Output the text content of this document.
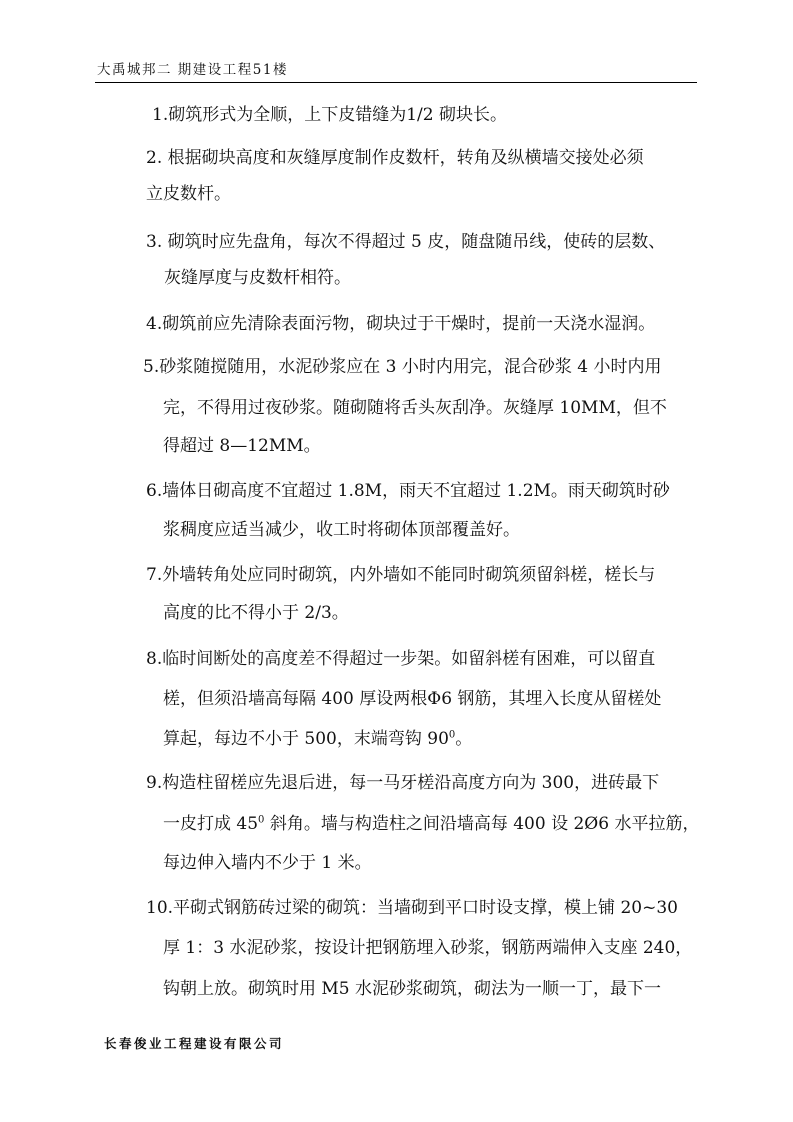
大禹城邦二 期建设工程51楼
1.砌筑形式为全顺，上下皮错缝为1/2 砌块长。
2. 根据砌块高度和灰缝厚度制作皮数杆，转角及纵横墙交接处必须
立皮数杆。
3. 砌筑时应先盘角，每次不得超过 5 皮，随盘随吊线，使砖的层数、
灰缝厚度与皮数杆相符。
4.砌筑前应先清除表面污物，砌块过于干燥时，提前一天浇水湿润。
5.砂浆随搅随用，水泥砂浆应在 3 小时内用完，混合砂浆 4 小时内用
完，不得用过夜砂浆。随砌随将舌头灰刮净。灰缝厚 10MM，但不
得超过 8—12MM。
6.墙体日砌高度不宜超过 1.8M，雨天不宜超过 1.2M。雨天砌筑时砂
浆稠度应适当减少，收工时将砌体顶部覆盖好。
7.外墙转角处应同时砌筑，内外墙如不能同时砌筑须留斜槎，槎长与
高度的比不得小于 2/3。
8.临时间断处的高度差不得超过一步架。如留斜槎有困难，可以留直
槎，但须沿墙高每隔 400 厚设两根Φ6 钢筋，其埋入长度从留槎处
算起，每边不小于 500，末端弯钩 $90^0$。
9.构造柱留槎应先退后进，每一马牙槎沿高度方向为 300，进砖最下
一皮打成 $45^0$ 斜角。墙与构造柱之间沿墙高每 400 设 2Ø6 水平拉筋，
每边伸入墙内不少于 1 米。
10.平砌式钢筋砖过梁的砌筑：当墙砌到平口时设支撑，模上铺 20~30
厚 1：3 水泥砂浆，按设计把钢筋埋入砂浆，钢筋两端伸入支座 240，
钩朝上放。砌筑时用 M5 水泥砂浆砌筑，砌法为一顺一丁，最下一
长春俊业工程建设有限公司
